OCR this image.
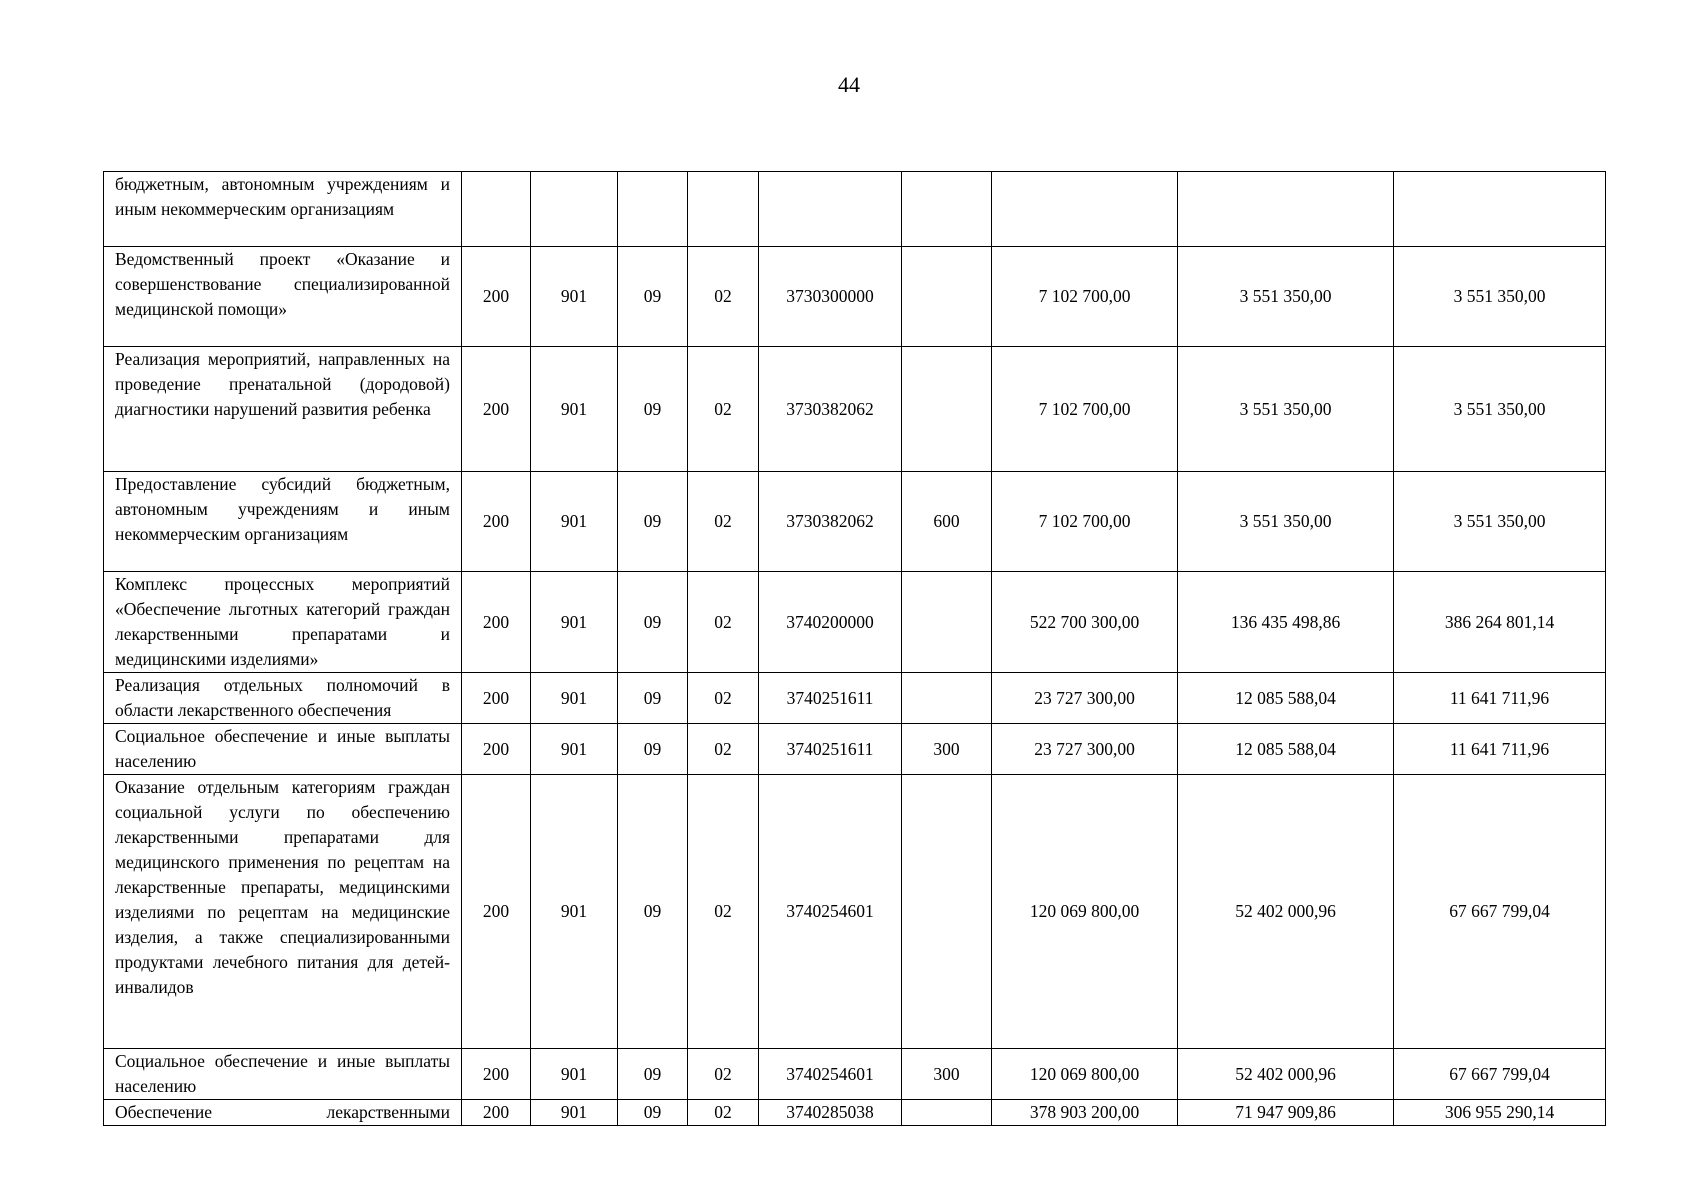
44
бюджетным, автономным учреждениям и иным некоммерческим организациям									
Ведомственный проект «Оказание и совершенствование специализированной медицинской помощи»	200	901	09	02	3730300000		7 102 700,00	3 551 350,00	3 551 350,00
Реализация мероприятий, направленных на проведение пренатальной (дородовой) диагностики нарушений развития ребенка	200	901	09	02	3730382062		7 102 700,00	3 551 350,00	3 551 350,00
Предоставление субсидий бюджетным, автономным учреждениям и иным некоммерческим организациям	200	901	09	02	3730382062	600	7 102 700,00	3 551 350,00	3 551 350,00
Комплекс процессных мероприятий «Обеспечение льготных категорий граждан лекарственными препаратами и медицинскими изделиями»	200	901	09	02	3740200000		522 700 300,00	136 435 498,86	386 264 801,14
Реализация отдельных полномочий в области лекарственного обеспечения	200	901	09	02	3740251611		23 727 300,00	12 085 588,04	11 641 711,96
Социальное обеспечение и иные выплаты населению	200	901	09	02	3740251611	300	23 727 300,00	12 085 588,04	11 641 711,96
Оказание отдельным категориям граждан социальной услуги по обеспечению лекарственными препаратами для медицинского применения по рецептам на лекарственные препараты, медицинскими изделиями по рецептам на медицинские изделия, а также специализированными продуктами лечебного питания для детей-инвалидов	200	901	09	02	3740254601		120 069 800,00	52 402 000,96	67 667 799,04
Социальное обеспечение и иные выплаты населению	200	901	09	02	3740254601	300	120 069 800,00	52 402 000,96	67 667 799,04
Обеспечение лекарственными	200	901	09	02	3740285038		378 903 200,00	71 947 909,86	306 955 290,14
